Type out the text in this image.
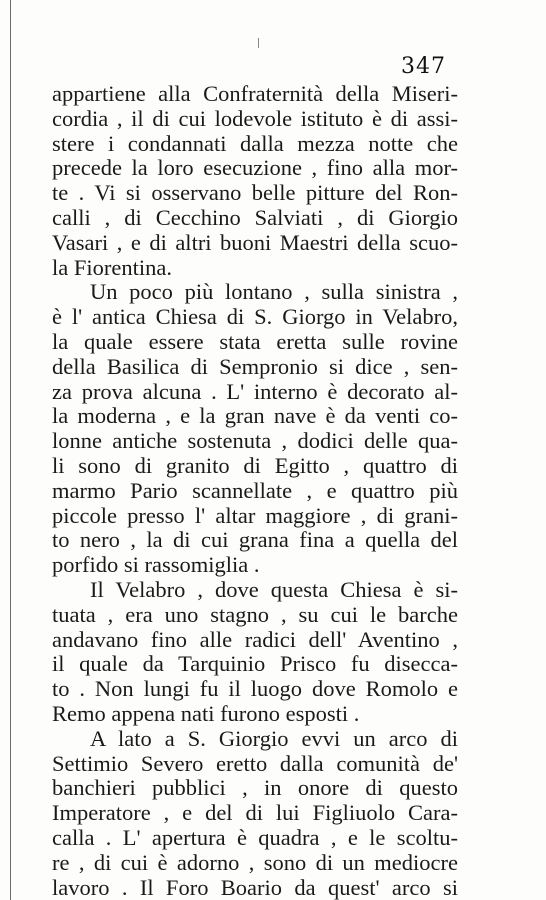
347
appartiene alla Confraternità della Miseri-
cordia , il di cui lodevole istituto è di assi-
stere i condannati dalla mezza notte che
precede la loro esecuzione , fino alla mor-
te . Vi si osservano belle pitture del Ron-
calli , di Cecchino Salviati , di Giorgio
Vasari , e di altri buoni Maestri della scuo-
la Fiorentina.
Un poco più lontano , sulla sinistra ,
è l' antica Chiesa di S. Giorgo in Velabro,
la quale essere stata eretta sulle rovine
della Basilica di Sempronio si dice , sen-
za prova alcuna . L' interno è decorato al-
la moderna , e la gran nave è da venti co-
lonne antiche sostenuta , dodici delle qua-
li sono di granito di Egitto , quattro di
marmo Pario scannellate , e quattro più
piccole presso l' altar maggiore , di grani-
to nero , la di cui grana fina a quella del
porfido si rassomiglia .
Il Velabro , dove questa Chiesa è si-
tuata , era uno stagno , su cui le barche
andavano fino alle radici dell' Aventino ,
il quale da Tarquinio Prisco fu disecca-
to . Non lungi fu il luogo dove Romolo e
Remo appena nati furono esposti .
A lato a S. Giorgio evvi un arco di
Settimio Severo eretto dalla comunità de'
banchieri pubblici , in onore di questo
Imperatore , e del di lui Figliuolo Cara-
calla . L' apertura è quadra , e le scoltu-
re , di cui è adorno , sono di un mediocre
lavoro . Il Foro Boario da quest' arco si
